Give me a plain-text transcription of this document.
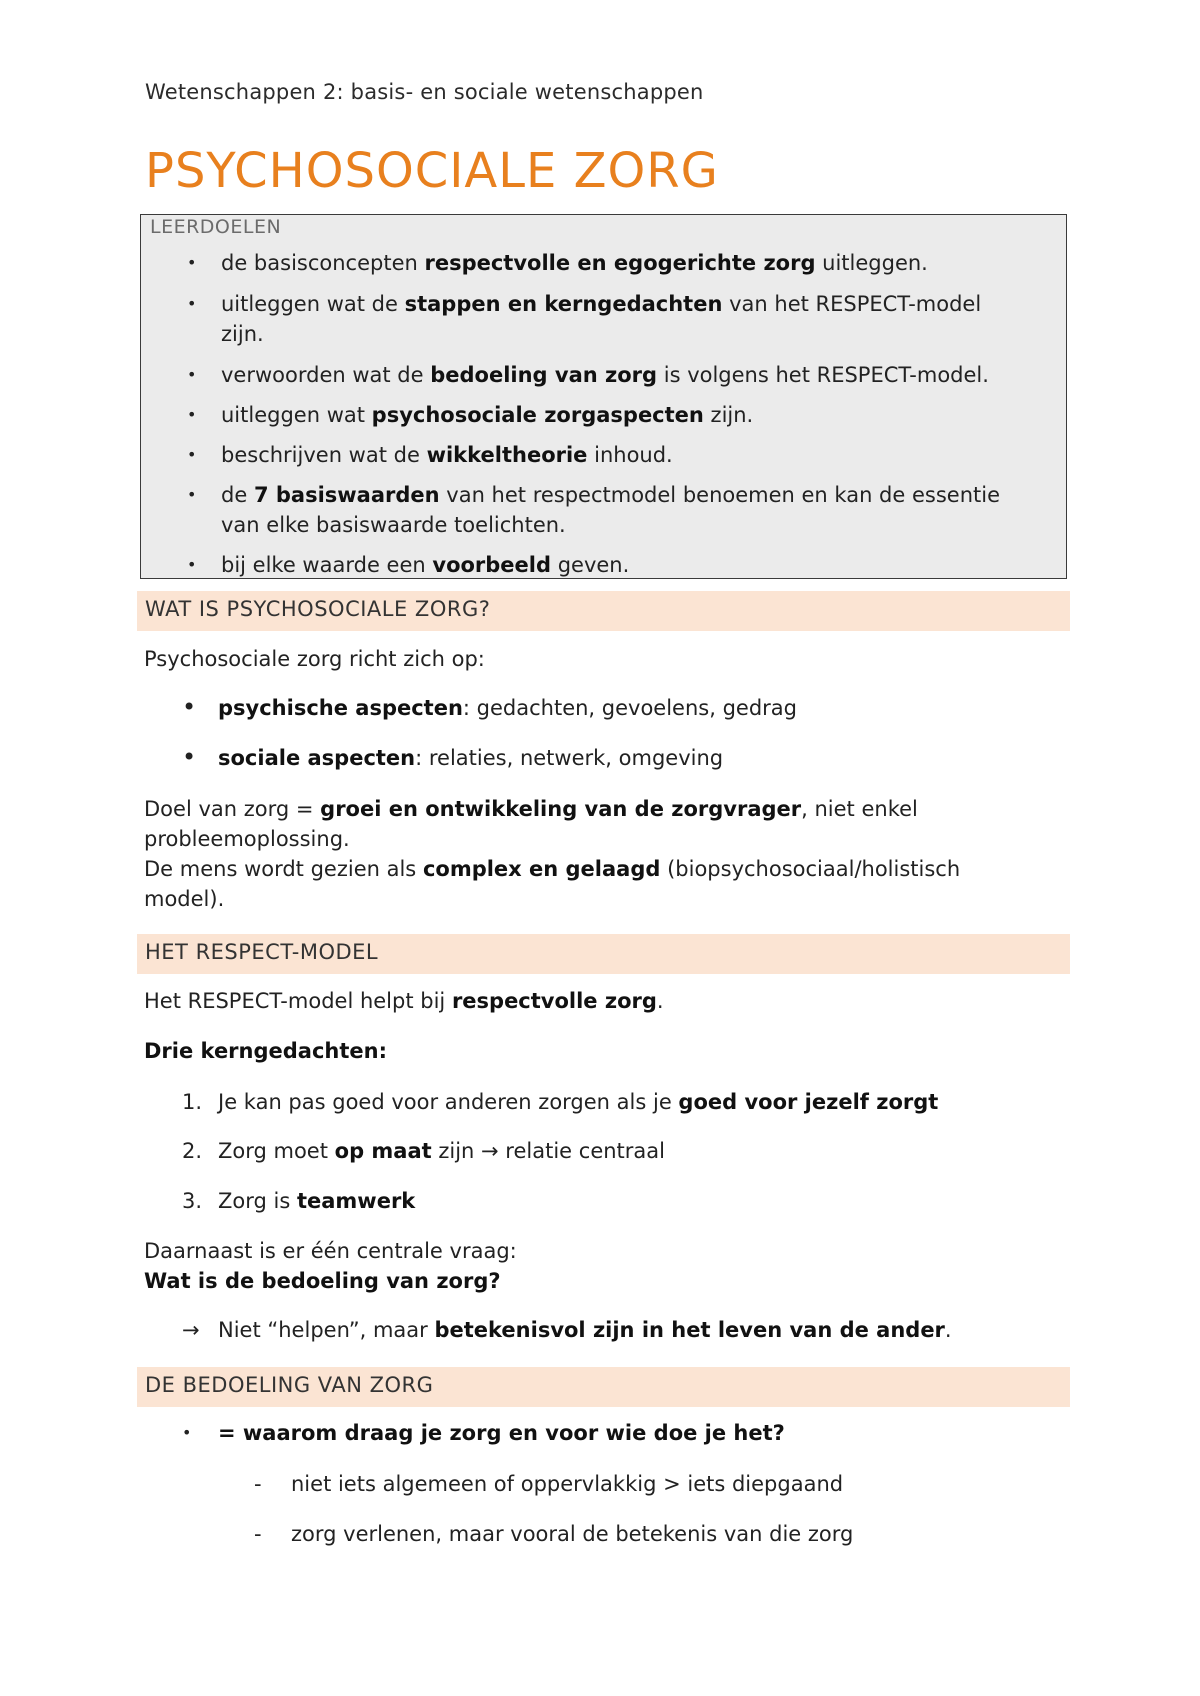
Wetenschappen 2: basis- en sociale wetenschappen
PSYCHOSOCIALE ZORG
LEERDOELEN
• de basisconcepten respectvolle en egogerichte zorg uitleggen.
• uitleggen wat de stappen en kerngedachten van het RESPECT-model
zijn.
• verwoorden wat de bedoeling van zorg is volgens het RESPECT-model.
• uitleggen wat psychosociale zorgaspecten zijn.
• beschrijven wat de wikkeltheorie inhoud.
• de 7 basiswaarden van het respectmodel benoemen en kan de essentie
van elke basiswaarde toelichten.
• bij elke waarde een voorbeeld geven.
WAT IS PSYCHOSOCIALE ZORG?
Psychosociale zorg richt zich op:
• psychische aspecten: gedachten, gevoelens, gedrag
• sociale aspecten: relaties, netwerk, omgeving
Doel van zorg = groei en ontwikkeling van de zorgvrager, niet enkel
probleemoplossing.
De mens wordt gezien als complex en gelaagd (biopsychosociaal/holistisch
model).
HET RESPECT-MODEL
Het RESPECT-model helpt bij respectvolle zorg.
Drie kerngedachten:
1. Je kan pas goed voor anderen zorgen als je goed voor jezelf zorgt
2. Zorg moet op maat zijn → relatie centraal
3. Zorg is teamwerk
Daarnaast is er één centrale vraag:
Wat is de bedoeling van zorg?
→ Niet “helpen”, maar betekenisvol zijn in het leven van de ander.
DE BEDOELING VAN ZORG
• = waarom draag je zorg en voor wie doe je het?
- niet iets algemeen of oppervlakkig > iets diepgaand
- zorg verlenen, maar vooral de betekenis van die zorg
